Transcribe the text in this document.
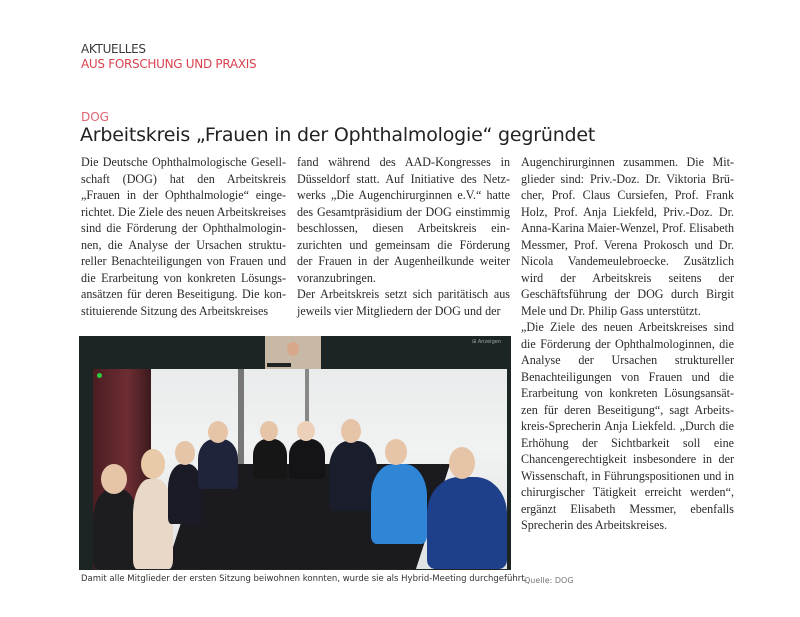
AKTUELLES
AUS FORSCHUNG UND PRAXIS
DOG
Arbeitskreis „Frauen in der Ophthalmologie“ gegründet

Die Deutsche Ophthalmologische Gesellschaft (DOG) hat den Arbeitskreis „Frauen in der Ophthalmologie“ eingerichtet. Die Ziele des neuen Arbeitskreises sind die Förderung der Ophthalmologinnen, die Analyse der Ursachen struktureller Benachteiligungen von Frauen und die Erarbeitung von konkreten Lösungsansätzen für deren Beseitigung. Die konstituierende Sitzung des Arbeitskreises

fand während des AAD-Kongresses in Düsseldorf statt. Auf Initiative des Netzwerks „Die Augenchirurginnen e.V.“ hatte des Gesamtpräsidium der DOG einstimmig beschlossen, diesen Arbeitskreis einzurichten und gemeinsam die Förderung der Frauen in der Augenheilkunde weiter voranzubringen.

Der Arbeitskreis setzt sich paritätisch aus jeweils vier Mitgliedern der DOG und der

Augenchirurginnen zusammen. Die Mitglieder sind: Priv.-Doz. Dr. Viktoria Brücher, Prof. Claus Cursiefen, Prof. Frank Holz, Prof. Anja Liekfeld, Priv.-Doz. Dr. Anna-Karina Maier-Wenzel, Prof. Elisabeth Messmer, Prof. Verena Prokosch und Dr. Nicola Vandemeulebroecke. Zusätzlich wird der Arbeitskreis seitens der Geschäftsführung der DOG durch Birgit Mele und Dr. Philip Gass unterstützt.

„Die Ziele des neuen Arbeitskreises sind die Förderung der Ophthalmologinnen, die Analyse der Ursachen struktureller Benachteiligungen von Frauen und die Erarbeitung von konkreten Lösungsansätzen für deren Beseitigung“, sagt Arbeitskreis-Sprecherin Anja Liekfeld. „Durch die Erhöhung der Sichtbarkeit soll eine Chancengerechtigkeit insbesondere in der Wissenschaft, in Führungspositionen und in chirurgischer Tätigkeit erreicht werden“, ergänzt Elisabeth Messmer, ebenfalls Sprecherin des Arbeitskreises.

⊞ Anzeigen
Damit alle Mitglieder der ersten Sitzung beiwohnen konnten, wurde sie als Hybrid-Meeting durchgeführt.
Quelle: DOG
